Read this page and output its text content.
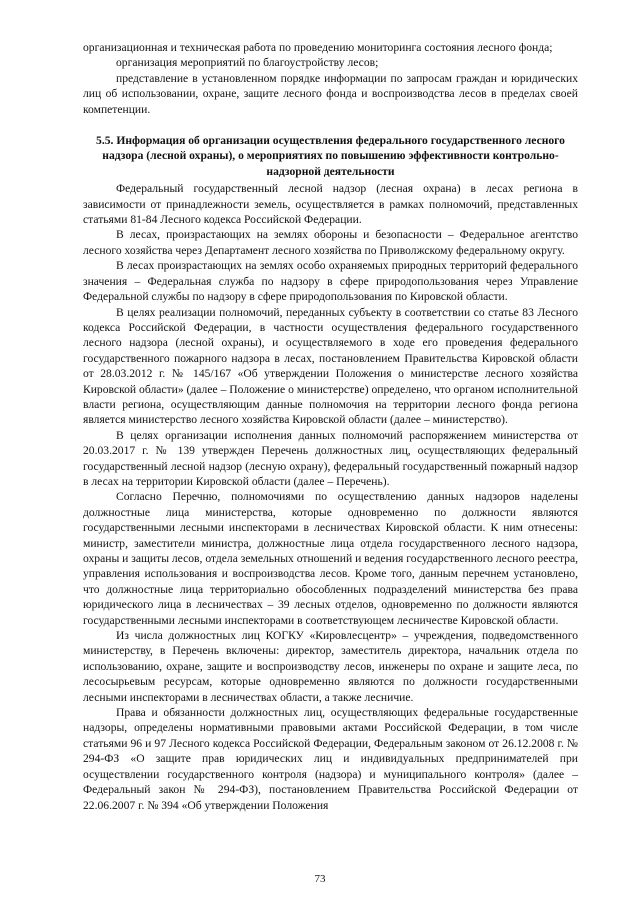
организационная и техническая работа по проведению мониторинга состояния лесного фонда;

организация мероприятий по благоустройству лесов;

представление в установленном порядке информации по запросам граждан и юридических лиц об использовании, охране, защите лесного фонда и воспроизводства лесов в пределах своей компетенции.

5.5. Информация об организации осуществления федерального государственного лесного надзора (лесной охраны), о мероприятиях по повышению эффективности контрольно-надзорной деятельности

Федеральный государственный лесной надзор (лесная охрана) в лесах региона в зависимости от принадлежности земель, осуществляется в рамках полномочий, представленных статьями 81-84 Лесного кодекса Российской Федерации.

В лесах, произрастающих на землях обороны и безопасности – Федеральное агентство лесного хозяйства через Департамент лесного хозяйства по Приволжскому федеральному округу.

В лесах произрастающих на землях особо охраняемых природных территорий федерального значения – Федеральная служба по надзору в сфере природопользования через Управление Федеральной службы по надзору в сфере природопользования по Кировской области.

В целях реализации полномочий, переданных субъекту в соответствии со статье 83 Лесного кодекса Российской Федерации, в частности осуществления федерального государственного лесного надзора (лесной охраны), и осуществляемого в ходе его проведения федерального государственного пожарного надзора в лесах, постановлением Правительства Кировской области от 28.03.2012 г. № 145/167 «Об утверждении Положения о министерстве лесного хозяйства Кировской области» (далее – Положение о министерстве) определено, что органом исполнительной власти региона, осуществляющим данные полномочия на территории лесного фонда региона является министерство лесного хозяйства Кировской области (далее – министерство).

В целях организации исполнения данных полномочий распоряжением министерства от 20.03.2017 г. № 139 утвержден Перечень должностных лиц, осуществляющих федеральный государственный лесной надзор (лесную охрану), федеральный государственный пожарный надзор в лесах на территории Кировской области (далее – Перечень).

Согласно Перечню, полномочиями по осуществлению данных надзоров наделены должностные лица министерства, которые одновременно по должности являются государственными лесными инспекторами в лесничествах Кировской области. К ним отнесены: министр, заместители министра, должностные лица отдела государственного лесного надзора, охраны и защиты лесов, отдела земельных отношений и ведения государственного лесного реестра, управления использования и воспроизводства лесов. Кроме того, данным перечнем установлено, что должностные лица территориально обособленных подразделений министерства без права юридического лица в лесничествах – 39 лесных отделов, одновременно по должности являются государственными лесными инспекторами в соответствующем лесничестве Кировской области.

Из числа должностных лиц КОГКУ «Кировлесцентр» – учреждения, подведомственного министерству, в Перечень включены: директор, заместитель директора, начальник отдела по использованию, охране, защите и воспроизводству лесов, инженеры по охране и защите леса, по лесосырьевым ресурсам, которые одновременно являются по должности государственными лесными инспекторами в лесничествах области, а также лесничие.

Права и обязанности должностных лиц, осуществляющих федеральные государственные надзоры, определены нормативными правовыми актами Российской Федерации, в том числе статьями 96 и 97 Лесного кодекса Российской Федерации, Федеральным законом от 26.12.2008 г. № 294-ФЗ «О защите прав юридических лиц и индивидуальных предпринимателей при осуществлении государственного контроля (надзора) и муниципального контроля» (далее – Федеральный закон № 294-ФЗ), постановлением Правительства Российской Федерации от 22.06.2007 г. № 394 «Об утверждении Положения

73
